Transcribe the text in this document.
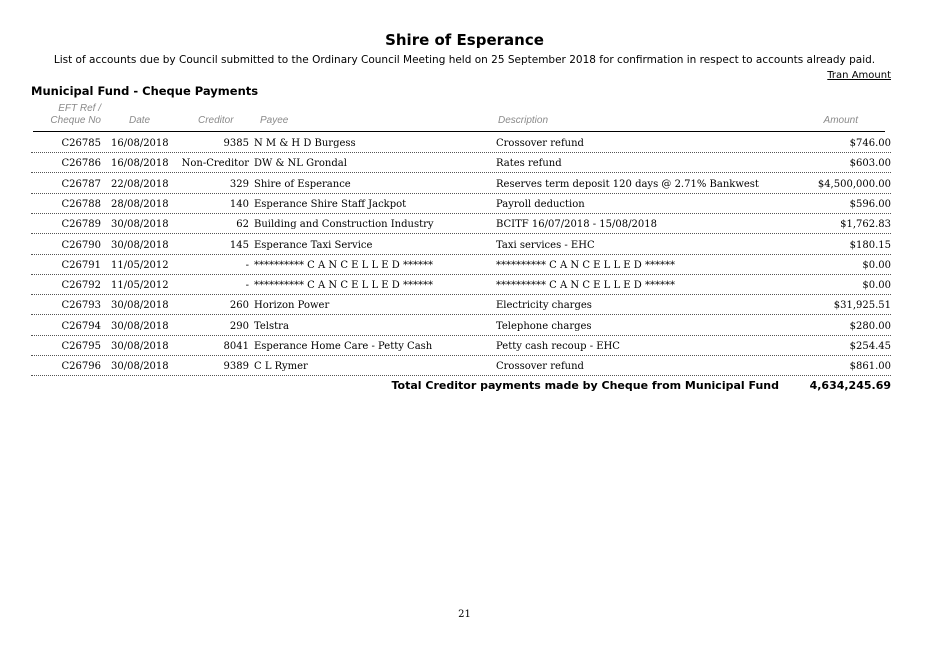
Shire of Esperance
List of accounts due by Council submitted to the Ordinary Council Meeting held on 25 September 2018 for confirmation in respect to accounts already paid.
Tran Amount
Municipal Fund - Cheque Payments
EFT Ref /
Cheque No	Date	Creditor	Payee	Description	Amount
C26785 16/08/2018	9385 N M & H D Burgess	Crossover refund	$746.00
C26786 16/08/2018 Non-Creditor DW & NL Grondal	Rates refund	$603.00
C26787 22/08/2018	329 Shire of Esperance	Reserves term deposit 120 days @ 2.71% Bankwest	$4,500,000.00
C26788 28/08/2018	140 Esperance Shire Staff Jackpot	Payroll deduction	$596.00
C26789 30/08/2018	62 Building and Construction Industry	BCITF 16/07/2018 - 15/08/2018	$1,762.83
C26790 30/08/2018	145 Esperance Taxi Service	Taxi services - EHC	$180.15
C26791 11/05/2012	- ********** C A N C E L L E D ******	********** C A N C E L L E D ******	$0.00
C26792 11/05/2012	- ********** C A N C E L L E D ******	********** C A N C E L L E D ******	$0.00
C26793 30/08/2018	260 Horizon Power	Electricity charges	$31,925.51
C26794 30/08/2018	290 Telstra	Telephone charges	$280.00
C26795 30/08/2018	8041 Esperance Home Care - Petty Cash	Petty cash recoup - EHC	$254.45
C26796 30/08/2018	9389 C L Rymer	Crossover refund	$861.00
Total Creditor payments made by Cheque from Municipal Fund	4,634,245.69
21
